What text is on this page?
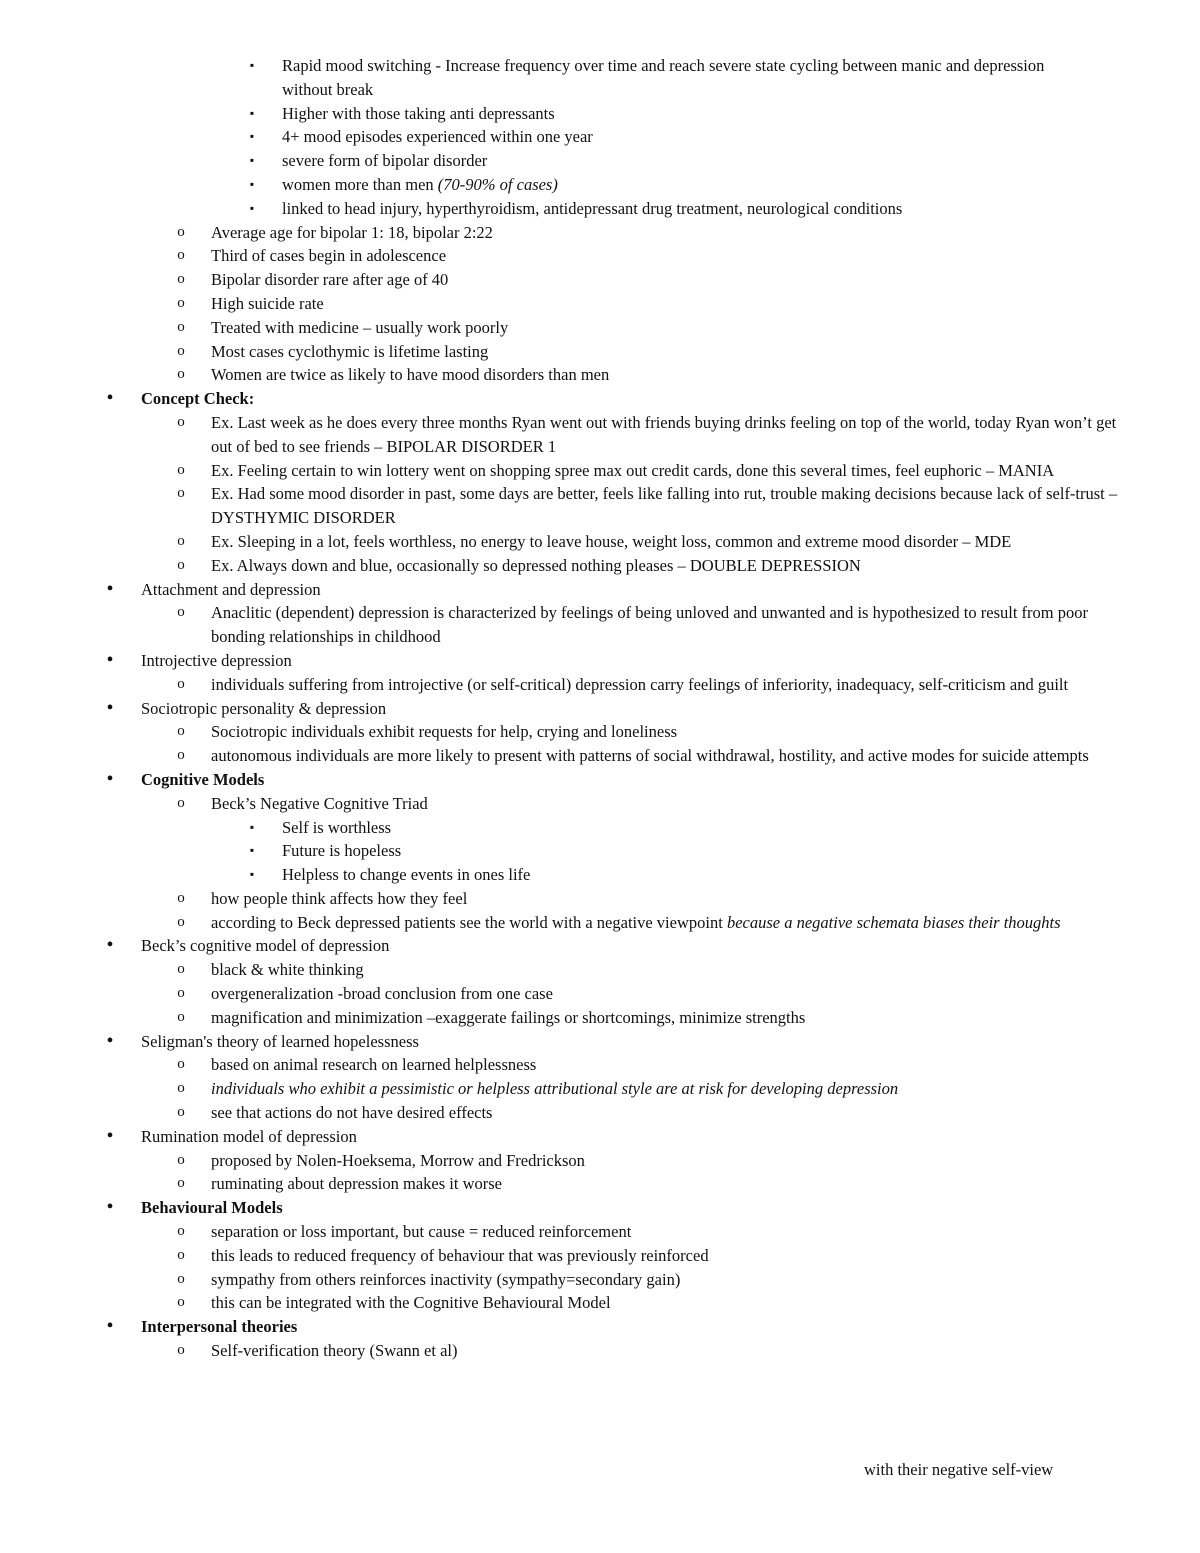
▪	Rapid mood switching - Increase frequency over time and reach severe state cycling between manic and depression without break
▪	Higher with those taking anti depressants
▪	4+ mood episodes experienced within one year
▪	severe form of bipolar disorder
▪	women more than men (70-90% of cases)
▪	linked to head injury, hyperthyroidism, antidepressant drug treatment, neurological conditions
o	Average age for bipolar 1: 18, bipolar 2:22
o	Third of cases begin in adolescence
o	Bipolar disorder rare after age of 40
o	High suicide rate
o	Treated with medicine – usually work poorly
o	Most cases cyclothymic is lifetime lasting
o	Women are twice as likely to have mood disorders than men
•	Concept Check:
o	Ex. Last week as he does every three months Ryan went out with friends buying drinks feeling on top of the world, today Ryan won’t get out of bed to see friends – BIPOLAR DISORDER 1
o	Ex. Feeling certain to win lottery went on shopping spree max out credit cards, done this several times, feel euphoric – MANIA
o	Ex. Had some mood disorder in past, some days are better, feels like falling into rut, trouble making decisions because lack of self-trust – DYSTHYMIC DISORDER
o	Ex. Sleeping in a lot, feels worthless, no energy to leave house, weight loss, common and extreme mood disorder – MDE
o	Ex. Always down and blue, occasionally so depressed nothing pleases – DOUBLE DEPRESSION
•	Attachment and depression
o	Anaclitic (dependent) depression is characterized by feelings of being unloved and unwanted and is hypothesized to result from poor bonding relationships in childhood
•	Introjective depression
o	individuals suffering from introjective (or self-critical) depression carry feelings of inferiority, inadequacy, self-criticism and guilt
•	Sociotropic personality & depression
o	Sociotropic individuals exhibit requests for help, crying and loneliness
o	autonomous individuals are more likely to present with patterns of social withdrawal, hostility, and active modes for suicide attempts
•	Cognitive Models
o	Beck’s Negative Cognitive Triad
▪	Self is worthless
▪	Future is hopeless
▪	Helpless to change events in ones life
o	how people think affects how they feel
o	according to Beck depressed patients see the world with a negative viewpoint because a negative schemata biases their thoughts
•	Beck’s cognitive model of depression
o	black & white thinking
o	overgeneralization -broad conclusion from one case
o	magnification and minimization –exaggerate failings or shortcomings, minimize strengths
•	Seligman's theory of learned hopelessness
o	based on animal research on learned helplessness
o	individuals who exhibit a pessimistic or helpless attributional style are at risk for developing depression
o	see that actions do not have desired effects
•	Rumination model of depression
o	proposed by Nolen-Hoeksema, Morrow and Fredrickson
o	ruminating about depression makes it worse
•	Behavioural Models
o	separation or loss important, but cause = reduced reinforcement
o	this leads to reduced frequency of behaviour that was previously reinforced
o	sympathy from others reinforces inactivity (sympathy=secondary gain)
o	this can be integrated with the Cognitive Behavioural Model
•	Interpersonal theories
o	Self-verification theory (Swann et al)
with their negative self-view
